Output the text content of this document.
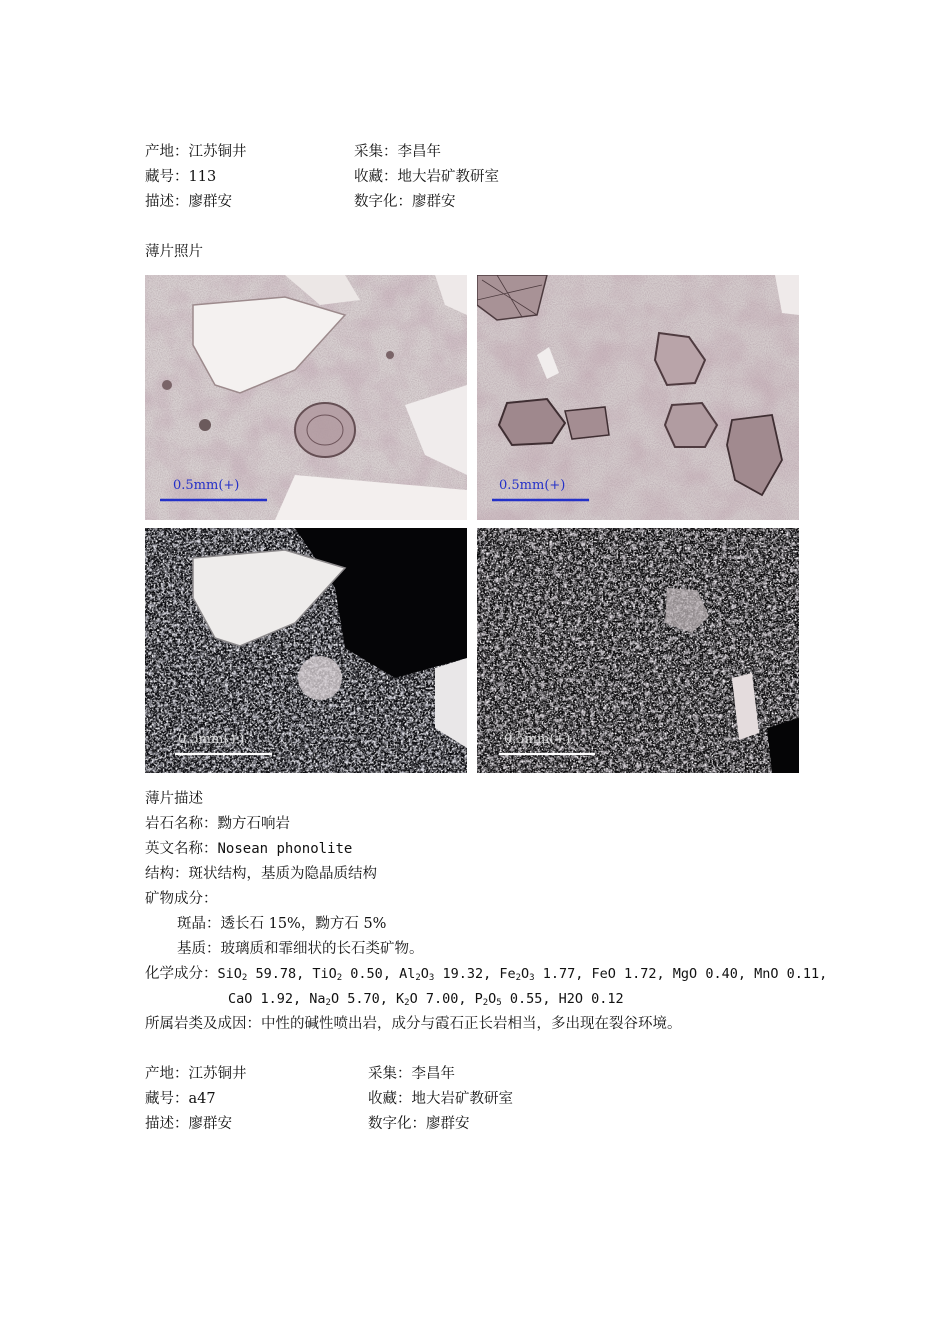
产地：江苏铜井	采集：李昌年
藏号：113	收藏：地大岩矿教研室
描述：廖群安	数字化：廖群安
薄片照片
0.5mm(+)	0.5mm(+)
0.5mm(+)	0.5mm(+)
薄片描述
岩石名称：黝方石响岩
英文名称：Nosean phonolite
结构：斑状结构，基质为隐晶质结构
矿物成分：
斑晶：透长石 15%，黝方石 5%
基质：玻璃质和霏细状的长石类矿物。
化学成分：SiO$_2$ 59.78, TiO$_2$ 0.50, $Al_2O_3$ 19.32, $Fe_2O_3$ 1.77, FeO 1.72, MgO 0.40, MnO 0.11,
CaO 1.92, $Na_2O$ 5.70, $K_2O$ 7.00, $P_2O_5$ 0.55, H2O 0.12
所属岩类及成因：中性的碱性喷出岩，成分与霞石正长岩相当，多出现在裂谷环境。
产地：江苏铜井	采集：李昌年
藏号：a47	收藏：地大岩矿教研室
描述：廖群安	数字化：廖群安
